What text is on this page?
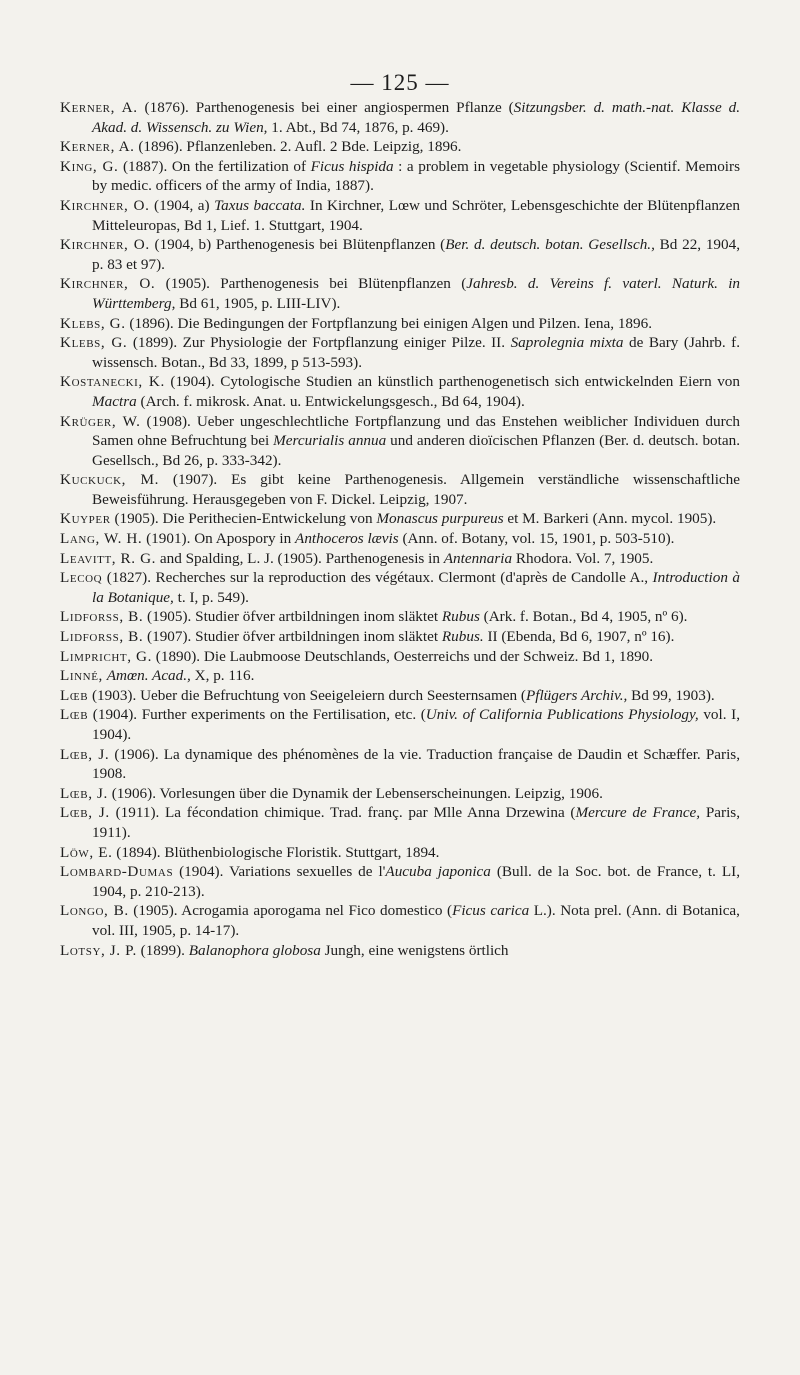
— 125 —
Kerner, A. (1876). Parthenogenesis bei einer angiospermen Pflanze (Sitzungsber. d. math.-nat. Klasse d. Akad. d. Wissensch. zu Wien, 1. Abt., Bd 74, 1876, p. 469).
Kerner, A. (1896). Pflanzenleben. 2. Aufl. 2 Bde. Leipzig, 1896.
King, G. (1887). On the fertilization of Ficus hispida : a problem in vegetable physiology (Scientif. Memoirs by medic. officers of the army of India, 1887).
Kirchner, O. (1904, a) Taxus baccata. In Kirchner, Lœw und Schröter, Lebensgeschichte der Blütenpflanzen Mitteleuropas, Bd 1, Lief. 1. Stuttgart, 1904.
Kirchner, O. (1904, b) Parthenogenesis bei Blütenpflanzen (Ber. d. deutsch. botan. Gesellsch., Bd 22, 1904, p. 83 et 97).
Kirchner, O. (1905). Parthenogenesis bei Blütenpflanzen (Jahresb. d. Vereins f. vaterl. Naturk. in Württemberg, Bd 61, 1905, p. LIII-LIV).
Klebs, G. (1896). Die Bedingungen der Fortpflanzung bei einigen Algen und Pilzen. Iena, 1896.
Klebs, G. (1899). Zur Physiologie der Fortpflanzung einiger Pilze. II. Saprolegnia mixta de Bary (Jahrb. f. wissensch. Botan., Bd 33, 1899, p 513-593).
Kostanecki, K. (1904). Cytologische Studien an künstlich parthenogenetisch sich entwickelnden Eiern von Mactra (Arch. f. mikrosk. Anat. u. Entwickelungsgesch., Bd 64, 1904).
Krüger, W. (1908). Ueber ungeschlechtliche Fortpflanzung und das Enstehen weiblicher Individuen durch Samen ohne Befruchtung bei Mercurialis annua und anderen dioïcischen Pflanzen (Ber. d. deutsch. botan. Gesellsch., Bd 26, p. 333-342).
Kuckuck, M. (1907). Es gibt keine Parthenogenesis. Allgemein verständliche wissenschaftliche Beweisführung. Herausgegeben von F. Dickel. Leipzig, 1907.
Kuyper (1905). Die Perithecien-Entwickelung von Monascus purpureus et M. Barkeri (Ann. mycol. 1905).
Lang, W. H. (1901). On Apospory in Anthoceros lævis (Ann. of. Botany, vol. 15, 1901, p. 503-510).
Leavitt, R. G. and Spalding, L. J. (1905). Parthenogenesis in Antennaria Rhodora. Vol. 7, 1905.
Lecoq (1827). Recherches sur la reproduction des végétaux. Clermont (d'après de Candolle A., Introduction à la Botanique, t. I, p. 549).
Lidforss, B. (1905). Studier öfver artbildningen inom släktet Rubus (Ark. f. Botan., Bd 4, 1905, nº 6).
Lidforss, B. (1907). Studier öfver artbildningen inom släktet Rubus. II (Ebenda, Bd 6, 1907, nº 16).
Limpricht, G. (1890). Die Laubmoose Deutschlands, Oesterreichs und der Schweiz. Bd 1, 1890.
Linné, Amœn. Acad., X, p. 116.
Lœb (1903). Ueber die Befruchtung von Seeigeleiern durch Seesternsamen (Pflügers Archiv., Bd 99, 1903).
Lœb (1904). Further experiments on the Fertilisation, etc. (Univ. of California Publications Physiology, vol. I, 1904).
Lœb, J. (1906). La dynamique des phénomènes de la vie. Traduction française de Daudin et Schæffer. Paris, 1908.
Lœb, J. (1906). Vorlesungen über die Dynamik der Lebenserscheinungen. Leipzig, 1906.
Lœb, J. (1911). La fécondation chimique. Trad. franç. par Mlle Anna Drzewina (Mercure de France, Paris, 1911).
Löw, E. (1894). Blüthenbiologische Floristik. Stuttgart, 1894.
Lombard-Dumas (1904). Variations sexuelles de l'Aucuba japonica (Bull. de la Soc. bot. de France, t. LI, 1904, p. 210-213).
Longo, B. (1905). Acrogamia aporogama nel Fico domestico (Ficus carica L.). Nota prel. (Ann. di Botanica, vol. III, 1905, p. 14-17).
Lotsy, J. P. (1899). Balanophora globosa Jungh, eine wenigstens örtlich
